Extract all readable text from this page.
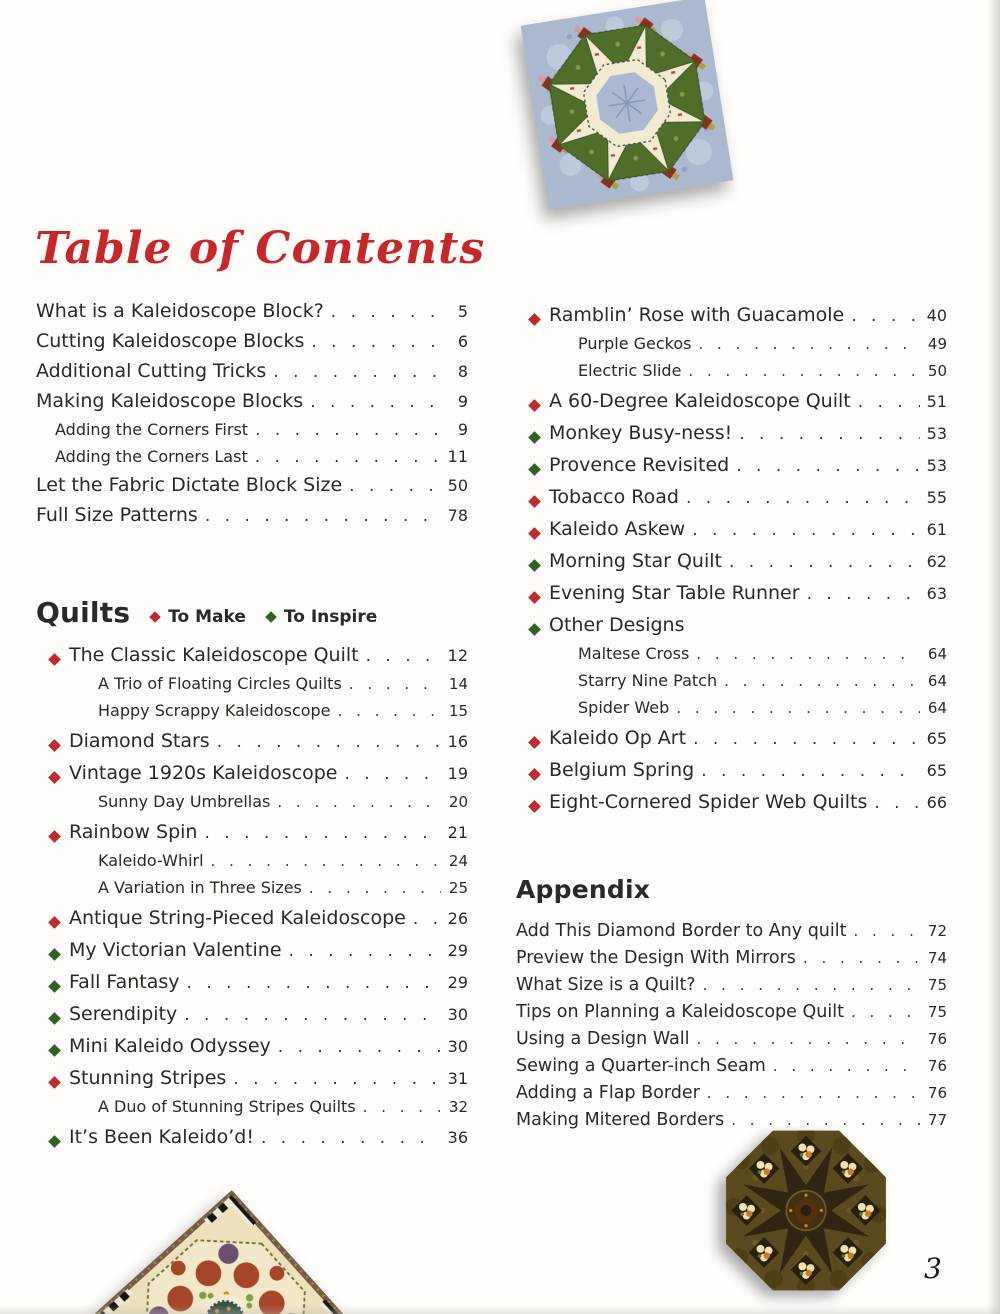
Table of Contents
What is a Kaleidoscope Block? . . .	5
Cutting Kaleidoscope Blocks . . .	6
Additional Cutting Tricks . . .	8
Making Kaleidoscope Blocks . . .	9
Adding the Corners First . . .	9
Adding the Corners Last . . .	11
Let the Fabric Dictate Block Size . . .	50
Full Size Patterns . . .	78
Quilts To Make To Inspire
The Classic Kaleidoscope Quilt . . .	12
A Trio of Floating Circles Quilts . . .	14
Happy Scrappy Kaleidoscope . . .	15
Diamond Stars . . .	16
Vintage 1920s Kaleidoscope . . .	19
Sunny Day Umbrellas . . .	20
Rainbow Spin . . .	21
Kaleido-Whirl . . .	24
A Variation in Three Sizes . . .	25
Antique String-Pieced Kaleidoscope . . .	26
My Victorian Valentine . . .	29
Fall Fantasy . . .	29
Serendipity . . .	30
Mini Kaleido Odyssey . . .	30
Stunning Stripes . . .	31
A Duo of Stunning Stripes Quilts . . .	32
It’s Been Kaleido’d! . . .	36
Ramblin’ Rose with Guacamole . . .	40
Purple Geckos . . .	49
Electric Slide . . .	50
A 60-Degree Kaleidoscope Quilt . . .	51
Monkey Busy-ness! . . .	53
Provence Revisited . . .	53
Tobacco Road . . .	55
Kaleido Askew . . .	61
Morning Star Quilt . . .	62
Evening Star Table Runner . . .	63
Other Designs
Maltese Cross . . .	64
Starry Nine Patch . . .	64
Spider Web . . .	64
Kaleido Op Art . . .	65
Belgium Spring . . .	65
Eight-Cornered Spider Web Quilts . . .	66
Appendix
Add This Diamond Border to Any quilt . . .	72
Preview the Design With Mirrors . . .	74
What Size is a Quilt? . . .	75
Tips on Planning a Kaleidoscope Quilt . . .	75
Using a Design Wall . . .	76
Sewing a Quarter-inch Seam . . .	76
Adding a Flap Border . . .	76
Making Mitered Borders . . .	77
3
